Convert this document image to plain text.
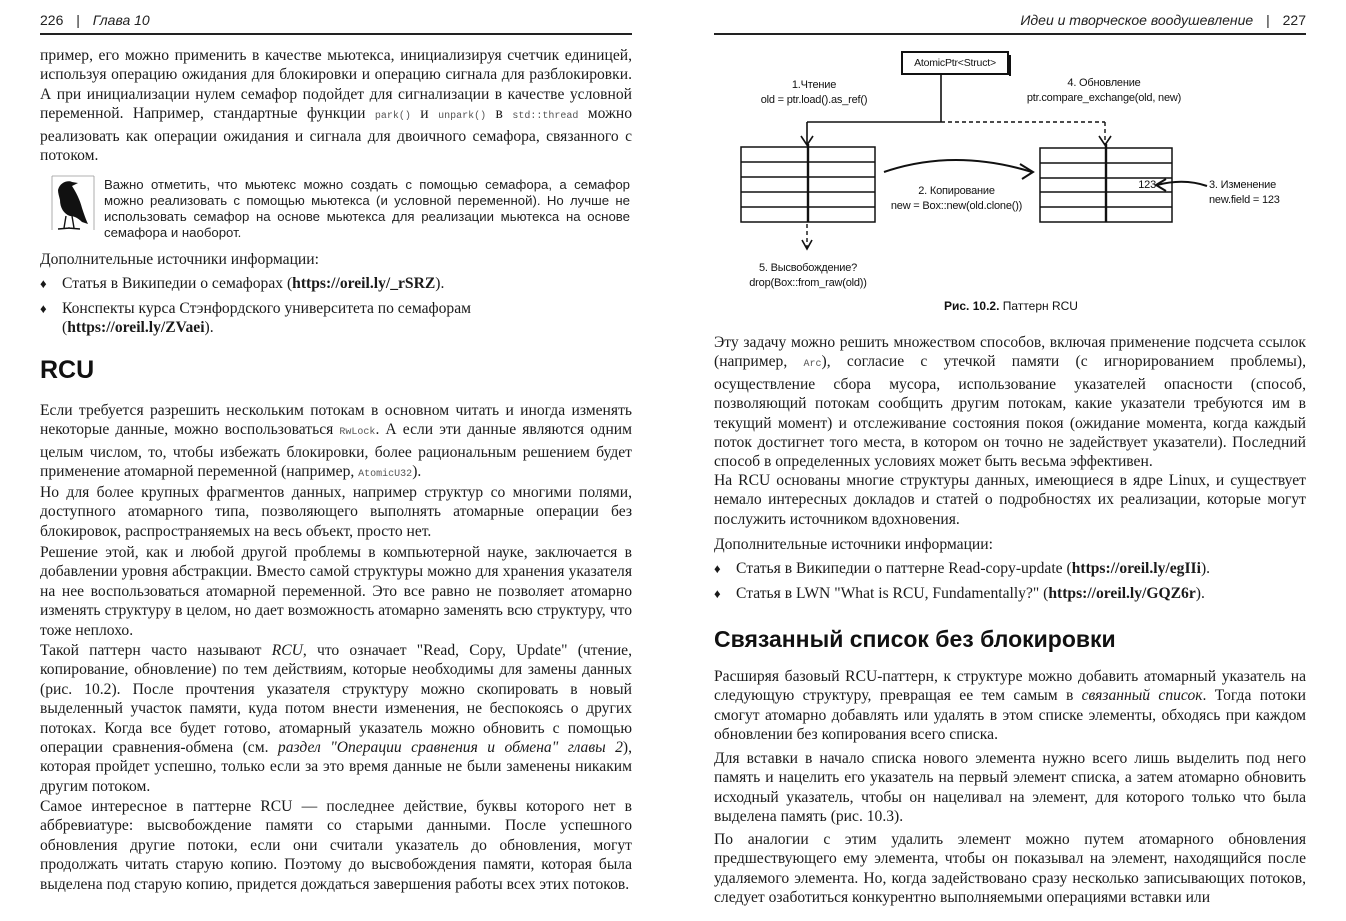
226 | Глава 10

пример, его можно применить в качестве мьютекса, инициализируя счетчик единицей, используя операцию ожидания для блокировки и операцию сигнала для разблокировки. А при инициализации нулем семафор подойдет для сигнализации в качестве условной переменной. Например, стандартные функции park() и unpark() в std::thread можно реализовать как операции ожидания и сигнала для двоичного семафора, связанного с потоком.

Важно отметить, что мьютекс можно создать с помощью семафора, а семафор можно реализовать с помощью мьютекса (и условной переменной). Но лучше не использовать семафор на основе мьютекса для реализации мьютекса на основе семафора и наоборот.

Дополнительные источники информации:

♦ Статья в Википедии о семафорах (https://oreil.ly/_rSRZ).
♦ Конспекты курса Стэнфордского университета по семафорам
(https://oreil.ly/ZVaei).
RCU

Если требуется разрешить нескольким потокам в основном читать и иногда изменять некоторые данные, можно воспользоваться RwLock. А если эти данные являются одним целым числом, то, чтобы избежать блокировки, более рациональным решением будет применение атомарной переменной (например, AtomicU32).

Но для более крупных фрагментов данных, например структур со многими полями, доступного атомарного типа, позволяющего выполнять атомарные операции без блокировок, распространяемых на весь объект, просто нет.

Решение этой, как и любой другой проблемы в компьютерной науке, заключается в добавлении уровня абстракции. Вместо самой структуры можно для хранения указателя на нее воспользоваться атомарной переменной. Это все равно не позволяет атомарно изменять структуру в целом, но дает возможность атомарно заменять всю структуру, что тоже неплохо.

Такой паттерн часто называют RCU, что означает "Read, Copy, Update" (чтение, копирование, обновление) по тем действиям, которые необходимы для замены данных (рис. 10.2). После прочтения указателя структуру можно скопировать в новый выделенный участок памяти, куда потом внести изменения, не беспокоясь о других потоках. Когда все будет готово, атомарный указатель можно обновить с помощью операции сравнения-обмена (см. раздел "Операции сравнения и обмена" главы 2), которая пройдет успешно, только если за это время данные не были заменены никаким другим потоком.

Самое интересное в паттерне RCU — последнее действие, буквы которого нет в аббревиатуре: высвобождение памяти со старыми данными. После успешного обновления другие потоки, если они считали указатель до обновления, могут продолжать читать старую копию. Поэтому до высвобождения памяти, которая была выделена под старую копию, придется дождаться завершения работы всех этих потоков.

Идеи и творческое воодушевление | 227
AtomicPtr<Struct>
1.Чтение
old = ptr.load().as_ref()
4. Обновление
ptr.compare_exchange(old, new)
2. Копирование
new = Box::new(old.clone())
123	3. Изменение
new.field = 123
5. Высвобождение?
drop(Box::from_raw(old))
Рис. 10.2. Паттерн RCU

Эту задачу можно решить множеством способов, включая применение подсчета ссылок (например, Arc), согласие с утечкой памяти (с игнорированием проблемы), осуществление сбора мусора, использование указателей опасности (способ, позволяющий потокам сообщить другим потокам, какие указатели требуются им в текущий момент) и отслеживание состояния покоя (ожидание момента, когда каждый поток достигнет того места, в котором он точно не задействует указатели). Последний способ в определенных условиях может быть весьма эффективен.

На RCU основаны многие структуры данных, имеющиеся в ядре Linux, и существует немало интересных докладов и статей о подробностях их реализации, которые могут послужить источником вдохновения.

Дополнительные источники информации:

♦ Статья в Википедии о паттерне Read-copy-update (https://oreil.ly/egIIi).
♦ Статья в LWN "What is RCU, Fundamentally?" (https://oreil.ly/GQZ6r).
Связанный список без блокировки

Расширяя базовый RCU-паттерн, к структуре можно добавить атомарный указатель на следующую структуру, превращая ее тем самым в связанный список. Тогда потоки смогут атомарно добавлять или удалять в этом списке элементы, обходясь при каждом обновлении без копирования всего списка.

Для вставки в начало списка нового элемента нужно всего лишь выделить под него память и нацелить его указатель на первый элемент списка, а затем атомарно обновить исходный указатель, чтобы он нацеливал на элемент, для которого только что была выделена память (рис. 10.3).

По аналогии с этим удалить элемент можно путем атомарного обновления предшествующего ему элемента, чтобы он показывал на элемент, находящийся после удаляемого элемента. Но, когда задействовано сразу несколько записывающих потоков, следует озаботиться конкурентно выполняемыми операциями вставки или
